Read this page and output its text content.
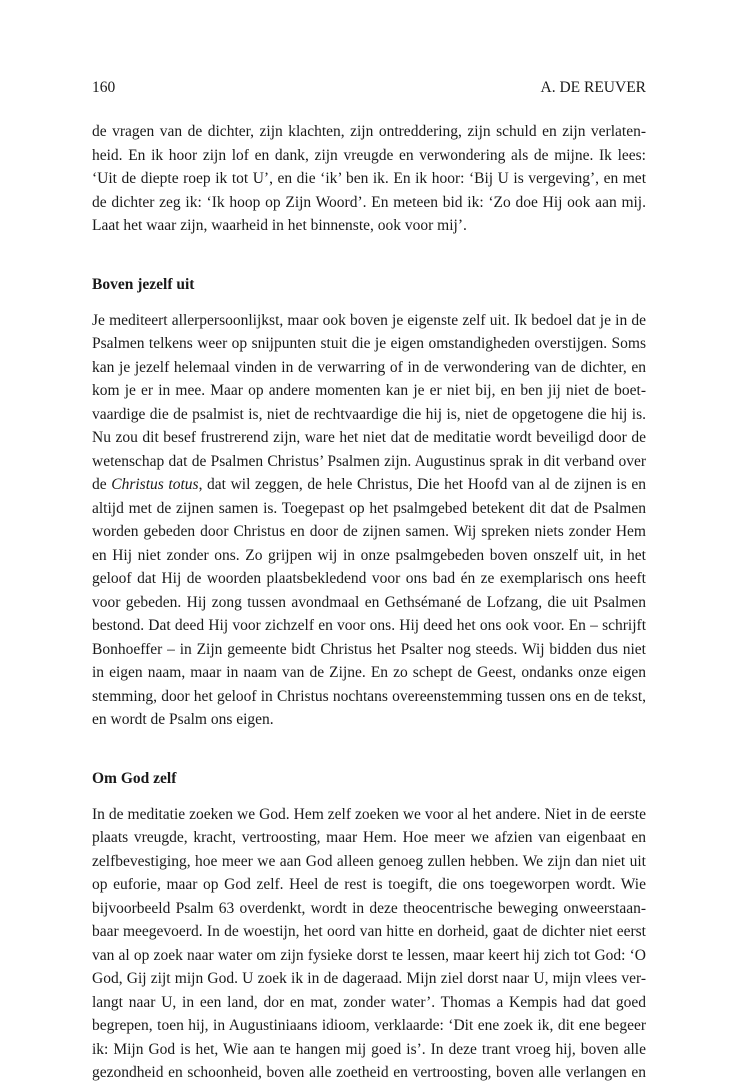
160	A. DE REUVER
de vragen van de dichter, zijn klachten, zijn ontreddering, zijn schuld en zijn verlaten-
heid. En ik hoor zijn lof en dank, zijn vreugde en verwondering als de mijne. Ik lees:
‘Uit de diepte roep ik tot U’, en die ‘ik’ ben ik. En ik hoor: ‘Bij U is vergeving’, en met
de dichter zeg ik: ‘Ik hoop op Zijn Woord’. En meteen bid ik: ‘Zo doe Hij ook aan mij.
Laat het waar zijn, waarheid in het binnenste, ook voor mij’.
Boven jezelf uit
Je mediteert allerpersoonlijkst, maar ook boven je eigenste zelf uit. Ik bedoel dat je in de
Psalmen telkens weer op snijpunten stuit die je eigen omstandigheden overstijgen. Soms
kan je jezelf helemaal vinden in de verwarring of in de verwondering van de dichter, en
kom je er in mee. Maar op andere momenten kan je er niet bij, en ben jij niet de boet-
vaardige die de psalmist is, niet de rechtvaardige die hij is, niet de opgetogene die hij is.
Nu zou dit besef frustrerend zijn, ware het niet dat de meditatie wordt beveiligd door de
wetenschap dat de Psalmen Christus’ Psalmen zijn. Augustinus sprak in dit verband over
de Christus totus, dat wil zeggen, de hele Christus, Die het Hoofd van al de zijnen is en
altijd met de zijnen samen is. Toegepast op het psalmgebed betekent dit dat de Psalmen
worden gebeden door Christus en door de zijnen samen. Wij spreken niets zonder Hem
en Hij niet zonder ons. Zo grijpen wij in onze psalmgebeden boven onszelf uit, in het
geloof dat Hij de woorden plaatsbekledend voor ons bad én ze exemplarisch ons heeft
voor gebeden. Hij zong tussen avondmaal en Gethsémané de Lofzang, die uit Psalmen
bestond. Dat deed Hij voor zichzelf en voor ons. Hij deed het ons ook voor. En – schrijft
Bonhoeffer – in Zijn gemeente bidt Christus het Psalter nog steeds. Wij bidden dus niet
in eigen naam, maar in naam van de Zijne. En zo schept de Geest, ondanks onze eigen
stemming, door het geloof in Christus nochtans overeenstemming tussen ons en de tekst,
en wordt de Psalm ons eigen.
Om God zelf
In de meditatie zoeken we God. Hem zelf zoeken we voor al het andere. Niet in de eerste
plaats vreugde, kracht, vertroosting, maar Hem. Hoe meer we afzien van eigenbaat en
zelfbevestiging, hoe meer we aan God alleen genoeg zullen hebben. We zijn dan niet uit
op euforie, maar op God zelf. Heel de rest is toegift, die ons toegeworpen wordt. Wie
bijvoorbeeld Psalm 63 overdenkt, wordt in deze theocentrische beweging onweerstaan-
baar meegevoerd. In de woestijn, het oord van hitte en dorheid, gaat de dichter niet eerst
van al op zoek naar water om zijn fysieke dorst te lessen, maar keert hij zich tot God: ‘O
God, Gij zijt mijn God. U zoek ik in de dageraad. Mijn ziel dorst naar U, mijn vlees ver-
langt naar U, in een land, dor en mat, zonder water’. Thomas a Kempis had dat goed
begrepen, toen hij, in Augustiniaans idioom, verklaarde: ‘Dit ene zoek ik, dit ene begeer
ik: Mijn God is het, Wie aan te hangen mij goed is’. In deze trant vroeg hij, boven alle
gezondheid en schoonheid, boven alle zoetheid en vertroosting, boven alle verlangen en
